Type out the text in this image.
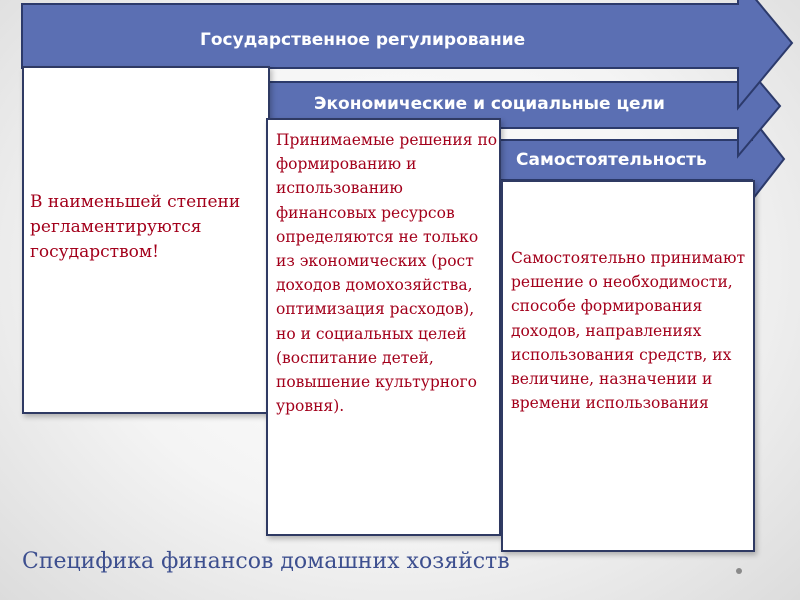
Государственное регулирование
Экономические и социальные цели
Самостоятельность
В наименьшей степени регламентируются государством!
Принимаемые решения по формированию и использованию финансовых ресурсов определяются не только из экономических (рост доходов домохозяйства, оптимизация расходов), но и социальных целей (воспитание детей, повышение культурного уровня).
Самостоятельно принимают решение о необходимости, способе формирования доходов, направлениях использования средств, их величине, назначении и времени использования
Специфика финансов домашних хозяйств
